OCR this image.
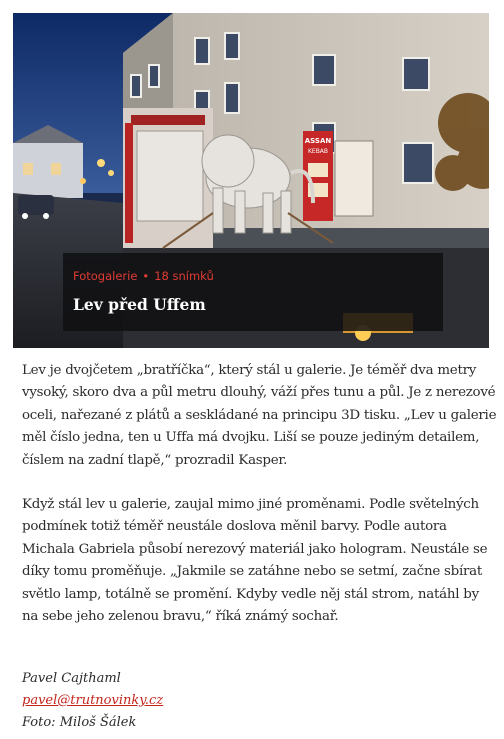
ASSAN
KEBAB
Fotogalerie • 18 snímků
Lev před Uffem

Lev je dvojčetem „bratříčka“, který stál u galerie. Je téměř dva metry vysoký, skoro dva a půl metru dlouhý, váží přes tunu a půl. Je z nerezové oceli, nařezané z plátů a seskládané na principu 3D tisku. „Lev u galerie měl číslo jedna, ten u Uffa má dvojku. Liší se pouze jediným detailem, číslem na zadní tlapě,“ prozradil Kasper.

Když stál lev u galerie, zaujal mimo jiné proměnami. Podle světelných podmínek totiž téměř neustále doslova měnil barvy. Podle autora Michala Gabriela působí nerezový materiál jako hologram. Neustále se díky tomu proměňuje. „Jakmile se zatáhne nebo se setmí, začne sbírat světlo lamp, totálně se promění. Kdyby vedle něj stál strom, natáhl by na sebe jeho zelenou bravu,“ říká známý sochař.

Pavel Cajthaml
pavel@trutnovinky.cz
Foto: Miloš Šálek
